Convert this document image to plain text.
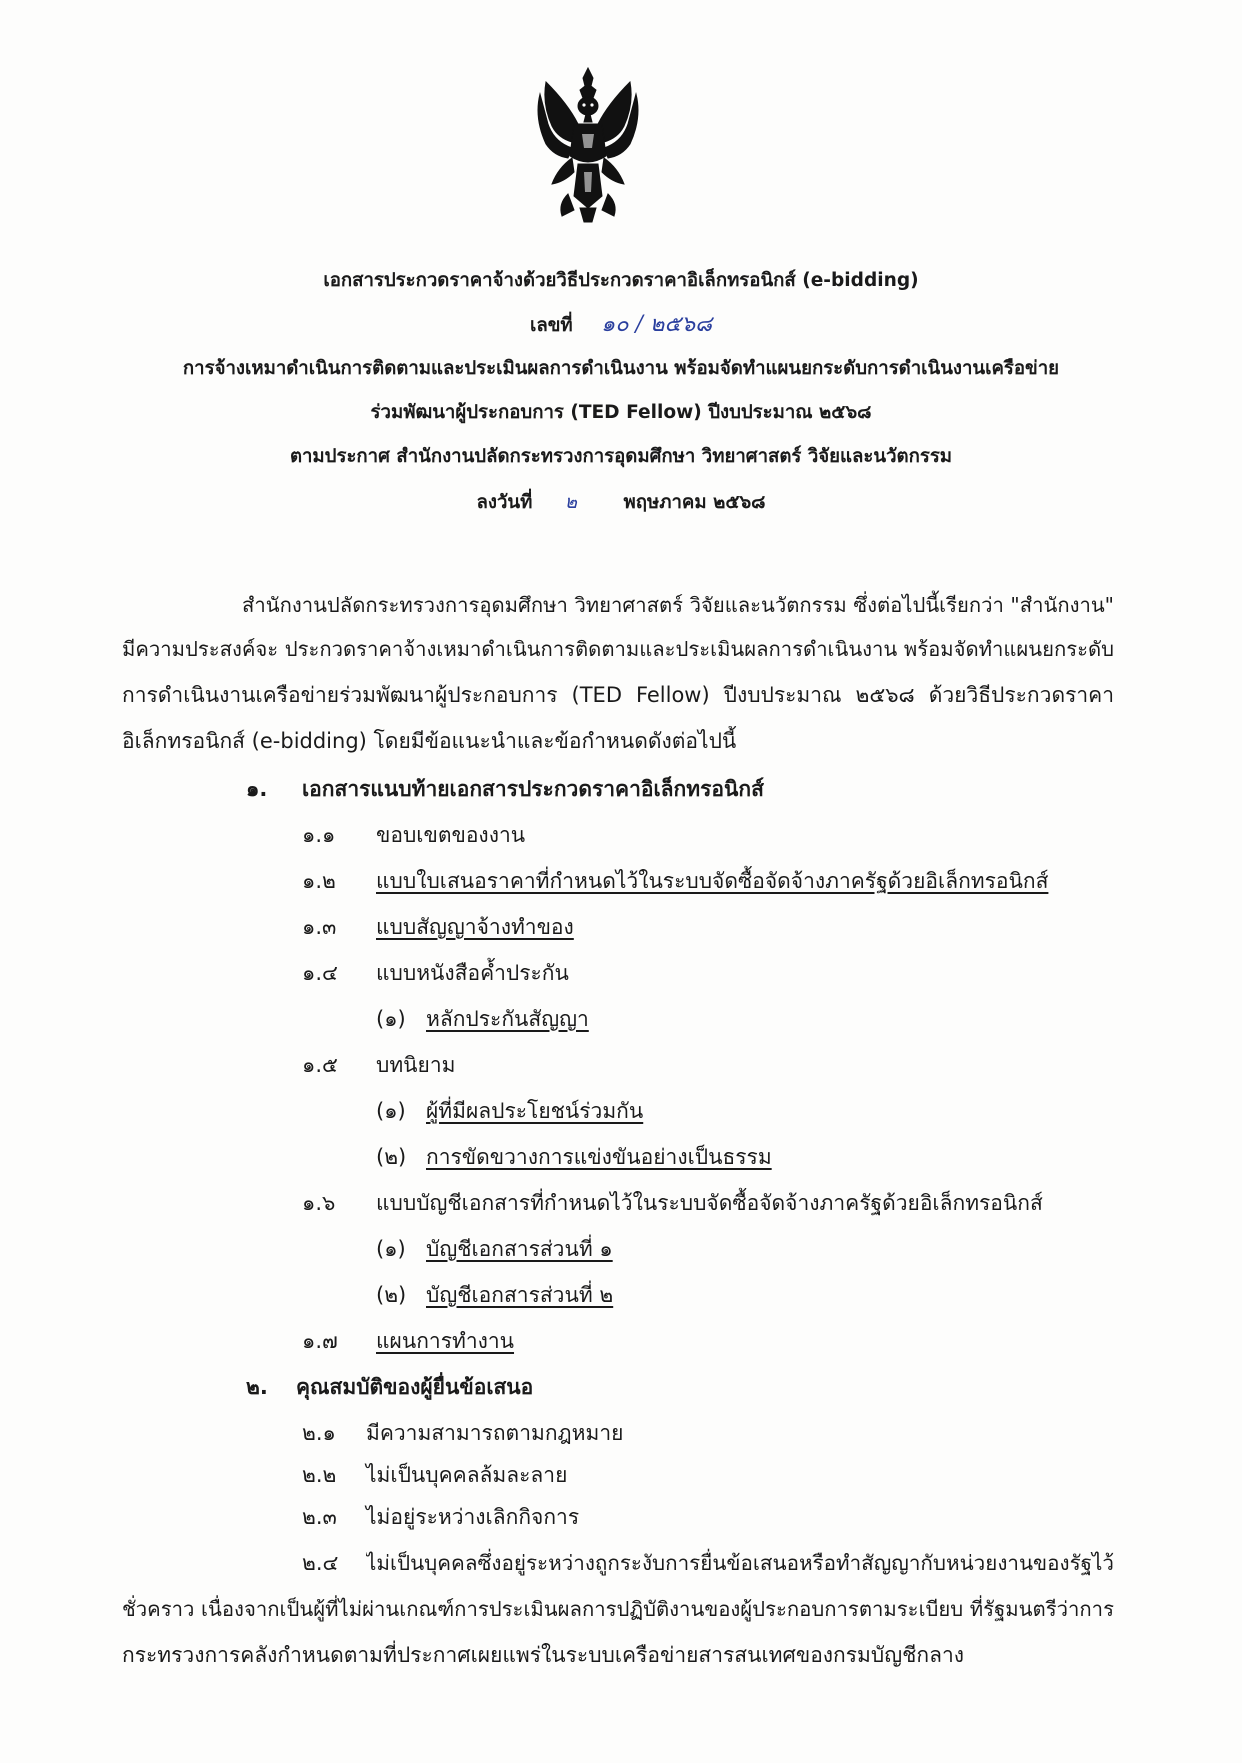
เอกสารประกวดราคาจ้างด้วยวิธีประกวดราคาอิเล็กทรอนิกส์ (e-bidding)
เลขที่ ๑๐ / ๒๕๖๘
การจ้างเหมาดำเนินการติดตามและประเมินผลการดำเนินงาน พร้อมจัดทำแผนยกระดับการดำเนินงานเครือข่าย
ร่วมพัฒนาผู้ประกอบการ (TED Fellow) ปีงบประมาณ ๒๕๖๘
ตามประกาศ สำนักงานปลัดกระทรวงการอุดมศึกษา วิทยาศาสตร์ วิจัยและนวัตกรรม
ลงวันที่ ๒ พฤษภาคม ๒๕๖๘
สำนักงานปลัดกระทรวงการอุดมศึกษา วิทยาศาสตร์ วิจัยและนวัตกรรม ซึ่งต่อไปนี้เรียกว่า "สำนักงาน"
มีความประสงค์จะ ประกวดราคาจ้างเหมาดำเนินการติดตามและประเมินผลการดำเนินงาน พร้อมจัดทำแผนยกระดับ
การดำเนินงานเครือข่ายร่วมพัฒนาผู้ประกอบการ (TED Fellow) ปีงบประมาณ ๒๕๖๘ ด้วยวิธีประกวดราคา
อิเล็กทรอนิกส์ (e-bidding) โดยมีข้อแนะนำและข้อกำหนดดังต่อไปนี้
๑. เอกสารแนบท้ายเอกสารประกวดราคาอิเล็กทรอนิกส์
๑.๑ ขอบเขตของงาน
๑.๒ แบบใบเสนอราคาที่กำหนดไว้ในระบบจัดซื้อจัดจ้างภาครัฐด้วยอิเล็กทรอนิกส์
๑.๓ แบบสัญญาจ้างทำของ
๑.๔ แบบหนังสือค้ำประกัน
(๑) หลักประกันสัญญา
๑.๕ บทนิยาม
(๑) ผู้ที่มีผลประโยชน์ร่วมกัน
(๒) การขัดขวางการแข่งขันอย่างเป็นธรรม
๑.๖ แบบบัญชีเอกสารที่กำหนดไว้ในระบบจัดซื้อจัดจ้างภาครัฐด้วยอิเล็กทรอนิกส์
(๑) บัญชีเอกสารส่วนที่ ๑
(๒) บัญชีเอกสารส่วนที่ ๒
๑.๗ แผนการทำงาน
๒. คุณสมบัติของผู้ยื่นข้อเสนอ
๒.๑ มีความสามารถตามกฎหมาย
๒.๒ ไม่เป็นบุคคลล้มละลาย
๒.๓ ไม่อยู่ระหว่างเลิกกิจการ
๒.๔ ไม่เป็นบุคคลซึ่งอยู่ระหว่างถูกระงับการยื่นข้อเสนอหรือทำสัญญากับหน่วยงานของรัฐไว้
ชั่วคราว เนื่องจากเป็นผู้ที่ไม่ผ่านเกณฑ์การประเมินผลการปฏิบัติงานของผู้ประกอบการตามระเบียบ ที่รัฐมนตรีว่าการ
กระทรวงการคลังกำหนดตามที่ประกาศเผยแพร่ในระบบเครือข่ายสารสนเทศของกรมบัญชีกลาง
